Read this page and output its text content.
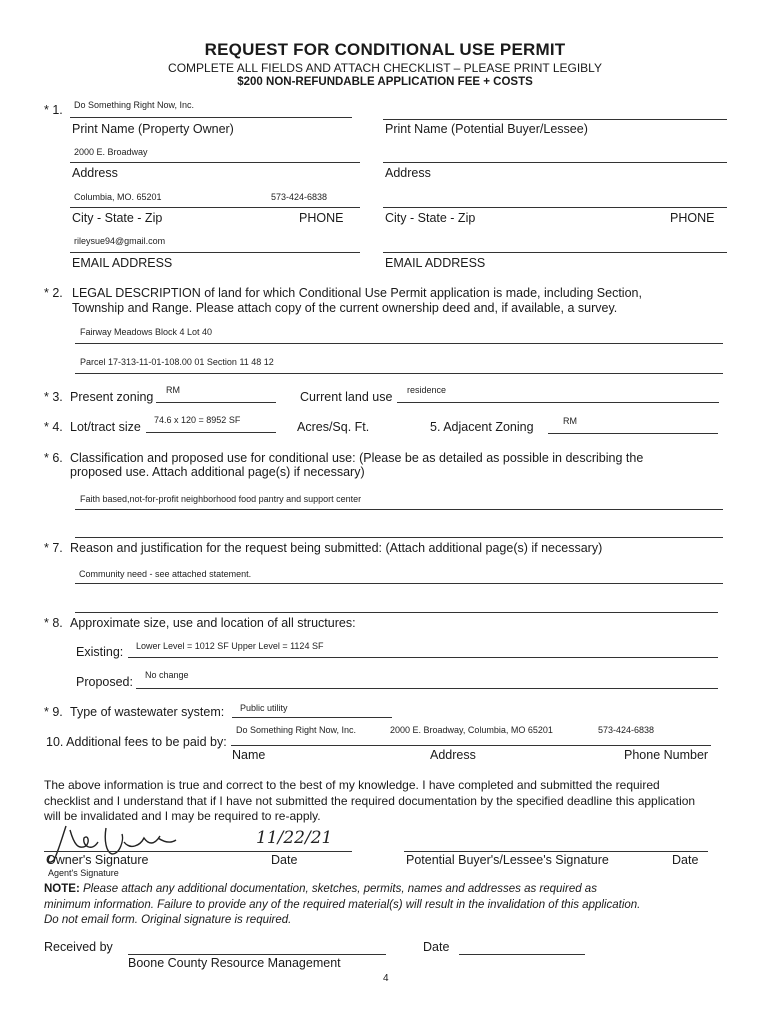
REQUEST FOR CONDITIONAL USE PERMIT
COMPLETE ALL FIELDS AND ATTACH CHECKLIST – PLEASE PRINT LEGIBLY
$200 NON-REFUNDABLE APPLICATION FEE + COSTS
* 1. Do Something Right Now, Inc.
Print Name (Property Owner)	Print Name (Potential Buyer/Lessee)
2000 E. Broadway
Address	Address
Columbia, MO. 65201	573-424-6838
City - State - Zip	PHONE	City - State - Zip	PHONE
rileysue94@gmail.com
EMAIL ADDRESS	EMAIL ADDRESS
* 2. LEGAL DESCRIPTION of land for which Conditional Use Permit application is made, including Section,
Township and Range. Please attach copy of the current ownership deed and, if available, a survey.
Fairway Meadows Block 4 Lot 40
Parcel 17-313-11-01-108.00 01 Section 11 48 12
* 3. Present zoning RM	Current land use residence
* 4. Lot/tract size 74.6 x 120 = 8952 SF	Acres/Sq. Ft.	5. Adjacent Zoning	RM
* 6. Classification and proposed use for conditional use: (Please be as detailed as possible in describing the
proposed use. Attach additional page(s) if necessary)
Faith based,not-for-profit neighborhood food pantry and support center
* 7. Reason and justification for the request being submitted: (Attach additional page(s) if necessary)
Community need - see attached statement.
* 8. Approximate size, use and location of all structures:
Existing: Lower Level = 1012 SF Upper Level = 1124 SF
Proposed: No change
* 9. Type of wastewater system: Public utility
10. Additional fees to be paid by:
Do Something Right Now, Inc.	2000 E. Broadway, Columbia, MO 65201	573-424-6838
Name	Address	Phone Number
The above information is true and correct to the best of my knowledge. I have completed and submitted the required
checklist and I understand that if I have not submitted the required documentation by the specified deadline this application
will be invalidated and I may be required to re-apply.
11/22/21
Owner's Signature	Date	Potential Buyer's/Lessee's Signature	Date
Agent's Signature
NOTE: Please attach any additional documentation, sketches, permits, names and addresses as required as
minimum information. Failure to provide any of the required material(s) will result in the invalidation of this application.
Do not email form. Original signature is required.
Received by	Date
Boone County Resource Management
4
